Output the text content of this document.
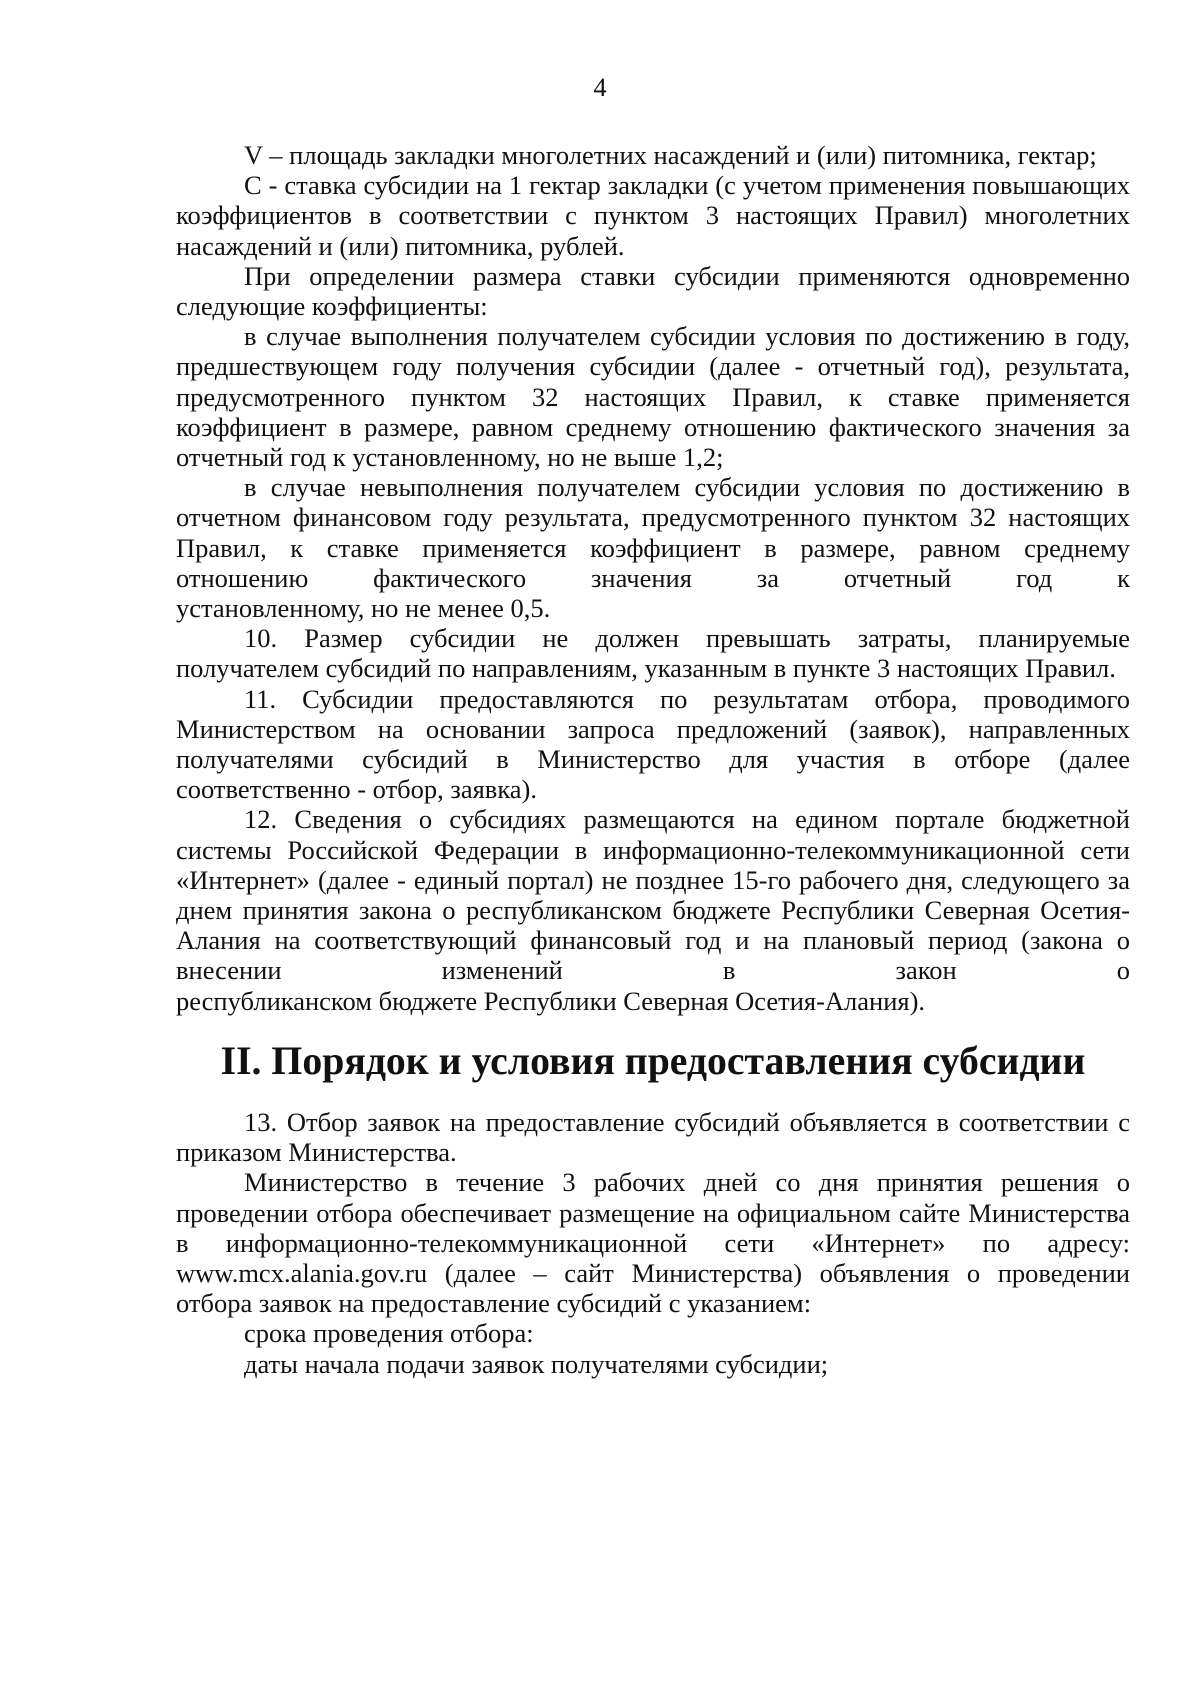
4

V – площадь закладки многолетних насаждений и (или) питомника, гектар;

С - ставка субсидии на 1 гектар закладки (с учетом применения повышающих коэффициентов в соответствии с пунктом 3 настоящих Правил) многолетних насаждений и (или) питомника, рублей.

При определении размера ставки субсидии применяются одновременно следующие коэффициенты:

в случае выполнения получателем субсидии условия по достижению в году, предшествующем году получения субсидии (далее - отчетный год), результата, предусмотренного пунктом 32 настоящих Правил, к ставке применяется коэффициент в размере, равном среднему отношению фактического значения за отчетный год к установленному, но не выше 1,2;

в случае невыполнения получателем субсидии условия по достижению в отчетном финансовом году результата, предусмотренного пунктом 32 настоящих Правил, к ставке применяется коэффициент в размере, равном среднему отношению фактического значения за отчетный год к

установленному, но не менее 0,5.

10. Размер субсидии не должен превышать затраты, планируемые получателем субсидий по направлениям, указанным в пункте 3 настоящих Правил.

11. Субсидии предоставляются по результатам отбора, проводимого Министерством на основании запроса предложений (заявок), направленных получателями субсидий в Министерство для участия в отборе (далее соответственно - отбор, заявка).

12. Сведения о субсидиях размещаются на едином портале бюджетной системы Российской Федерации в информационно-телекоммуникационной сети «Интернет» (далее - единый портал) не позднее 15-го рабочего дня, следующего за днем принятия закона о республиканском бюджете Республики Северная Осетия-Алания на соответствующий финансовый год и на плановый период (закона о внесении изменений в закон о

республиканском бюджете Республики Северная Осетия-Алания).

II. Порядок и условия предоставления субсидии

13. Отбор заявок на предоставление субсидий объявляется в соответствии с приказом Министерства.

Министерство в течение 3 рабочих дней со дня принятия решения о проведении отбора обеспечивает размещение на официальном сайте Министерства в информационно-телекоммуникационной сети «Интернет» по адресу: www.mcx.alania.gov.ru (далее – сайт Министерства) объявления о проведении отбора заявок на предоставление субсидий с указанием:

срока проведения отбора:

даты начала подачи заявок получателями субсидии;
